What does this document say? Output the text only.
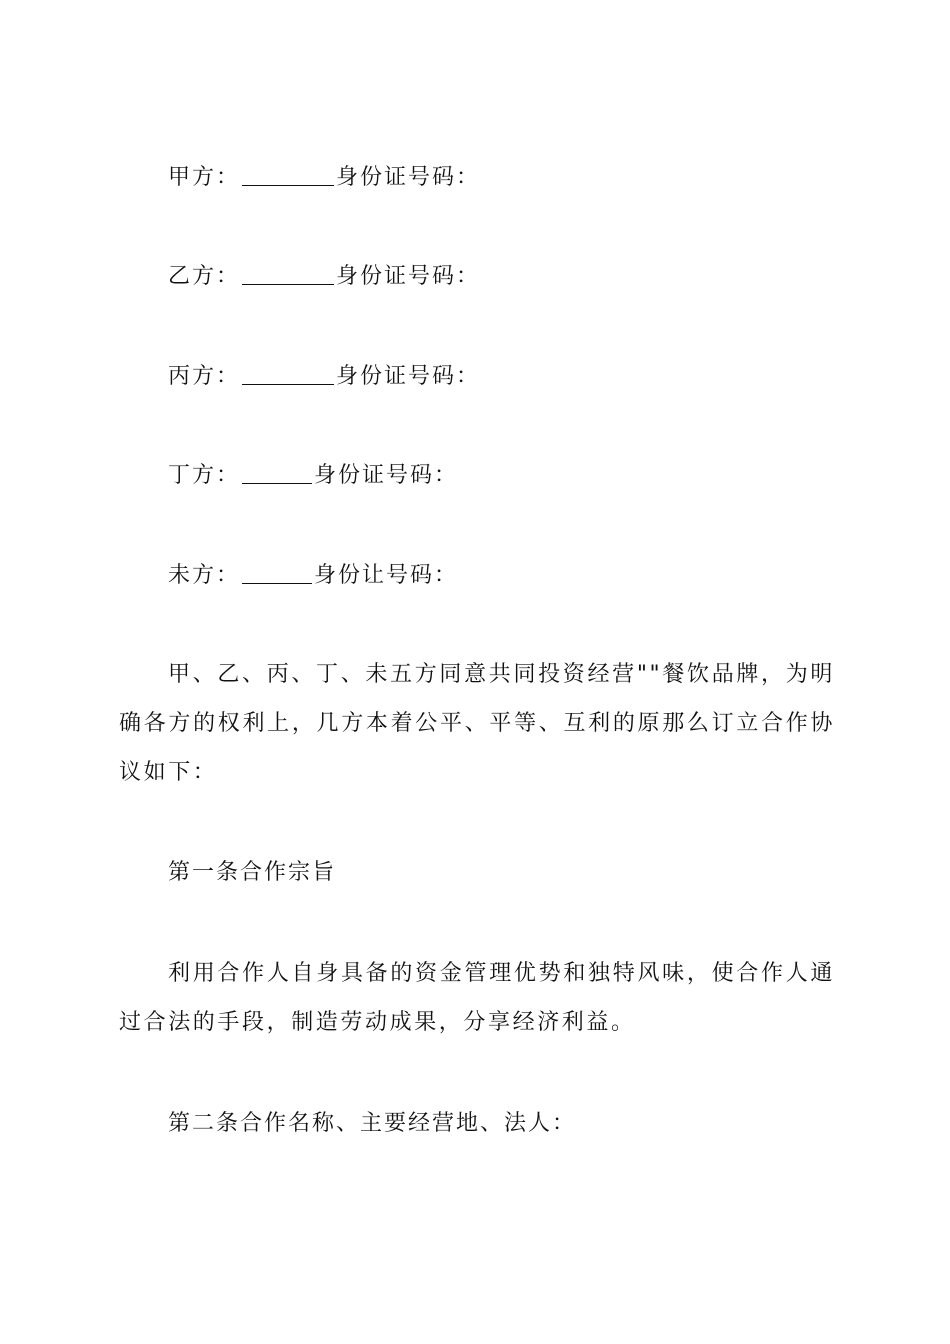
甲方：	身份证号码：
乙方：	身份证号码：
丙方：	身份证号码：
丁方：	身份证号码：
未方：	身份让号码：
甲、乙、丙、丁、未五方同意共同投资经营""餐饮品牌，为明确各方的权利上，几方本着公平、平等、互利的原那么订立合作协议如下：
第一条合作宗旨
利用合作人自身具备的资金管理优势和独特风味，使合作人通过合法的手段，制造劳动成果，分享经济利益。
第二条合作名称、主要经营地、法人：
